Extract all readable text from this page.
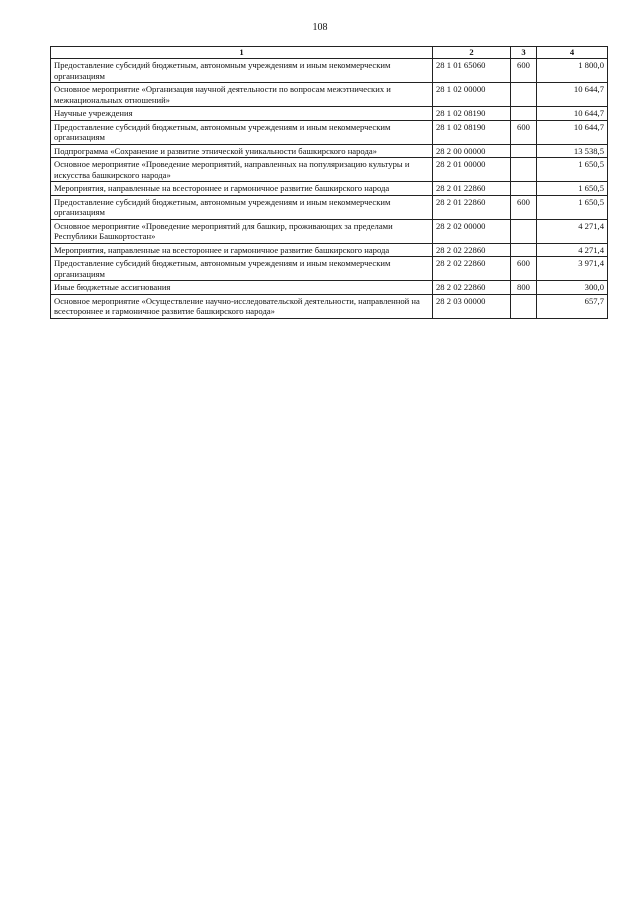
108
1	2	3	4
Предоставление субсидий бюджетным, автономным учреждениям и иным некоммерческим организациям	28 1 01 65060	600	1 800,0
Основное мероприятие «Организация научной деятельности по вопросам межэтнических и межнациональных отношений»	28 1 02 00000		10 644,7
Научные учреждения	28 1 02 08190		10 644,7
Предоставление субсидий бюджетным, автономным учреждениям и иным некоммерческим организациям	28 1 02 08190	600	10 644,7
Подпрограмма «Сохранение и развитие этнической уникальности башкирского народа»	28 2 00 00000		13 538,5
Основное мероприятие «Проведение мероприятий, направленных на популяризацию культуры и искусства башкирского народа»	28 2 01 00000		1 650,5
Мероприятия, направленные на всестороннее и гармоничное развитие башкирского народа	28 2 01 22860		1 650,5
Предоставление субсидий бюджетным, автономным учреждениям и иным некоммерческим организациям	28 2 01 22860	600	1 650,5
Основное мероприятие «Проведение мероприятий для башкир, проживающих за пределами Республики Башкортостан»	28 2 02 00000		4 271,4
Мероприятия, направленные на всестороннее и гармоничное развитие башкирского народа	28 2 02 22860		4 271,4
Предоставление субсидий бюджетным, автономным учреждениям и иным некоммерческим организациям	28 2 02 22860	600	3 971,4
Иные бюджетные ассигнования	28 2 02 22860	800	300,0
Основное мероприятие «Осуществление научно-исследовательской деятельности, направленной на всестороннее и гармоничное развитие башкирского народа»	28 2 03 00000		657,7
